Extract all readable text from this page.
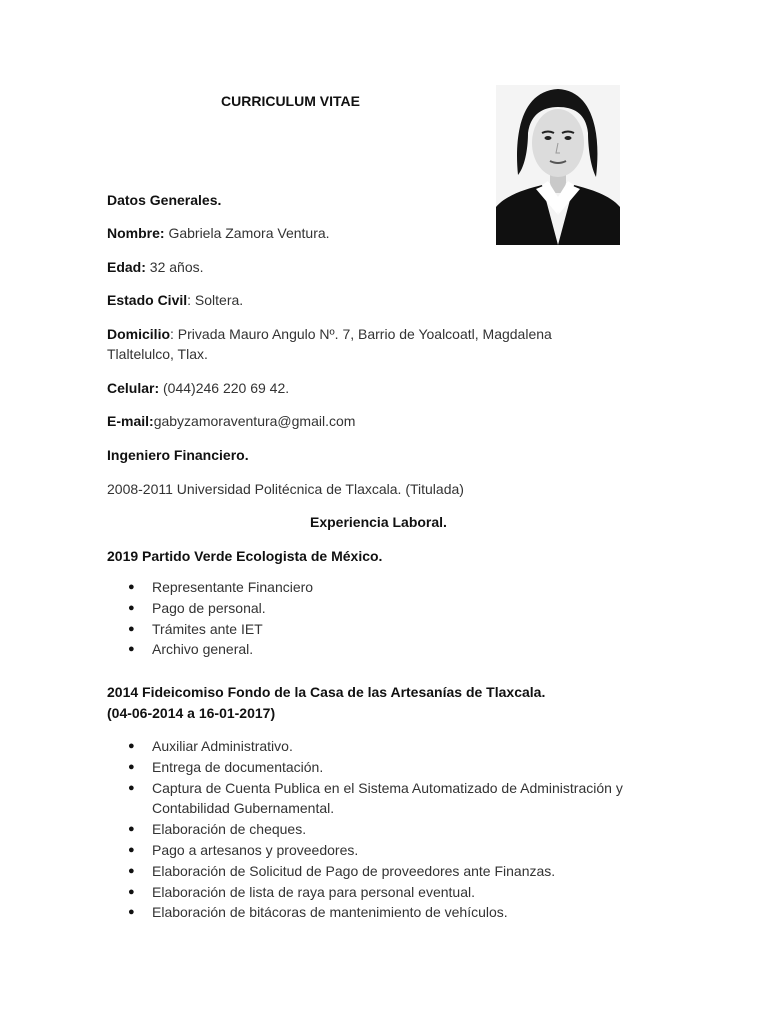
CURRICULUM VITAE
Datos Generales.
Nombre: Gabriela Zamora Ventura.
Edad: 32 años.
Estado Civil: Soltera.
Domicilio: Privada Mauro Angulo Nº. 7, Barrio de Yoalcoatl, Magdalena
Tlaltelulco, Tlax.
Celular: (044)246 220 69 42.
E-mail:gabyzamoraventura@gmail.com
Ingeniero Financiero.
2008-2011 Universidad Politécnica de Tlaxcala. (Titulada)
Experiencia Laboral.
2019 Partido Verde Ecologista de México.
● Representante Financiero
● Pago de personal.
● Trámites ante IET
● Archivo general.
2014 Fideicomiso Fondo de la Casa de las Artesanías de Tlaxcala.
(04-06-2014 a 16-01-2017)
● Auxiliar Administrativo.
● Entrega de documentación.
● Captura de Cuenta Publica en el Sistema Automatizado de Administración y
Contabilidad Gubernamental.
● Elaboración de cheques.
● Pago a artesanos y proveedores.
● Elaboración de Solicitud de Pago de proveedores ante Finanzas.
● Elaboración de lista de raya para personal eventual.
● Elaboración de bitácoras de mantenimiento de vehículos.
